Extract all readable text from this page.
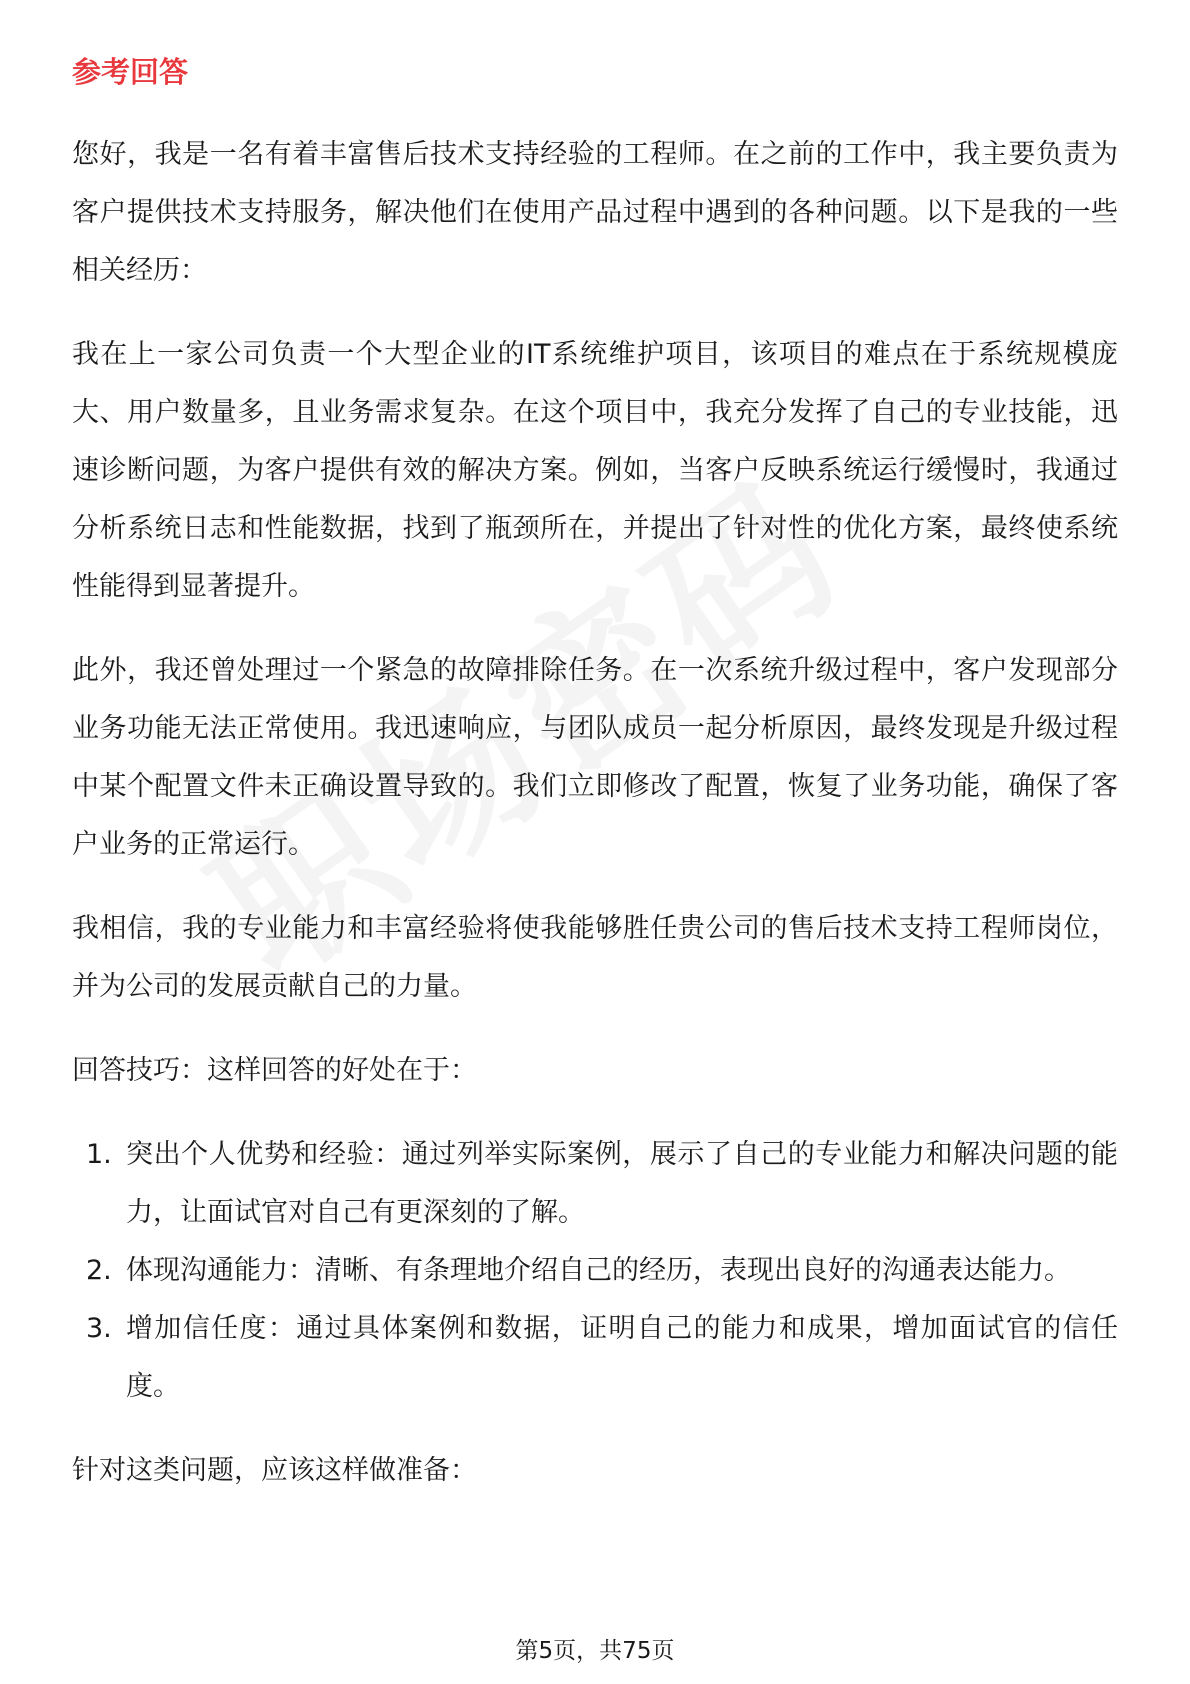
参考回答

您好，我是一名有着丰富售后技术支持经验的工程师。在之前的工作中，我主要负责为客户提供技术支持服务，解决他们在使用产品过程中遇到的各种问题。以下是我的一些相关经历：

我在上一家公司负责一个大型企业的IT系统维护项目，该项目的难点在于系统规模庞大、用户数量多，且业务需求复杂。在这个项目中，我充分发挥了自己的专业技能，迅速诊断问题，为客户提供有效的解决方案。例如，当客户反映系统运行缓慢时，我通过分析系统日志和性能数据，找到了瓶颈所在，并提出了针对性的优化方案，最终使系统性能得到显著提升。

此外，我还曾处理过一个紧急的故障排除任务。在一次系统升级过程中，客户发现部分业务功能无法正常使用。我迅速响应，与团队成员一起分析原因，最终发现是升级过程中某个配置文件未正确设置导致的。我们立即修改了配置，恢复了业务功能，确保了客户业务的正常运行。

我相信，我的专业能力和丰富经验将使我能够胜任贵公司的售后技术支持工程师岗位，并为公司的发展贡献自己的力量。

回答技巧：这样回答的好处在于：

1. 突出个人优势和经验：通过列举实际案例，展示了自己的专业能力和解决问题的能力，让面试官对自己有更深刻的了解。
2. 体现沟通能力：清晰、有条理地介绍自己的经历，表现出良好的沟通表达能力。
3. 增加信任度：通过具体案例和数据，证明自己的能力和成果，增加面试官的信任度。

针对这类问题，应该这样做准备：

第5页，共75页
